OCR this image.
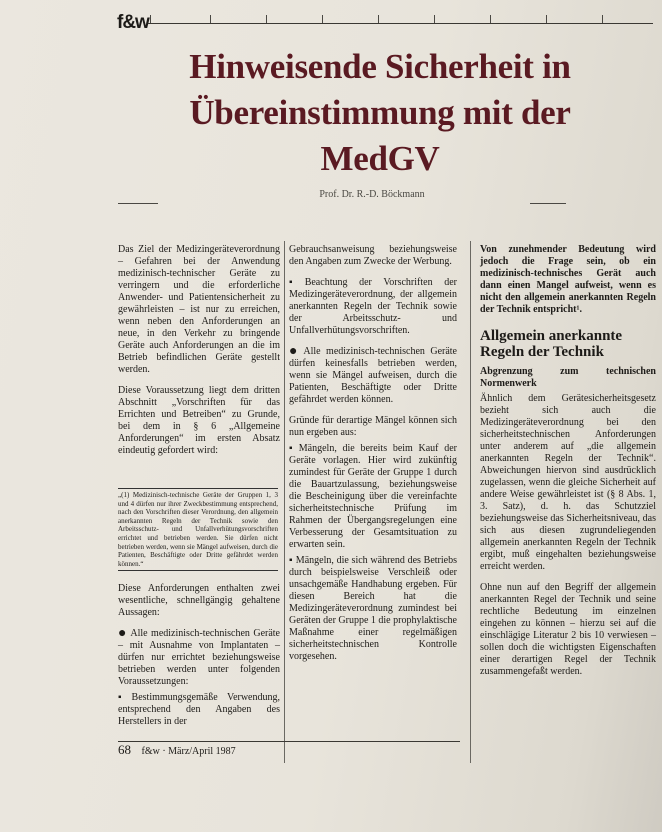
f&w
Hinweisende Sicherheit in Übereinstimmung mit der MedGV
Prof. Dr. R.-D. Böckmann

Das Ziel der Medizingeräteverordnung – Gefahren bei der Anwendung medizinisch-technischer Geräte zu verringern und die erforderliche Anwender- und Patientensicherheit zu gewährleisten – ist nur zu erreichen, wenn neben den Anforderungen an neue, in den Verkehr zu bringende Geräte auch Anforderungen an die im Betrieb befindlichen Geräte gestellt werden.

Diese Voraussetzung liegt dem dritten Abschnitt „Vorschriften für das Errichten und Betreiben“ zu Grunde, bei dem in § 6 „Allgemeine Anforderungen“ im ersten Absatz eindeutig gefordert wird:

„(1) Medizinisch-technische Geräte der Gruppen 1, 3 und 4 dürfen nur ihrer Zweckbestimmung entsprechend, nach den Vorschriften dieser Verordnung, den allgemein anerkannten Regeln der Technik sowie den Arbeitsschutz- und Unfallverhütungsvorschriften errichtet und betrieben werden. Sie dürfen nicht betrieben werden, wenn sie Mängel aufweisen, durch die Patienten, Beschäftigte oder Dritte gefährdet werden können.“

Diese Anforderungen enthalten zwei wesentliche, schnellgängig gehaltene Aussagen:

● Alle medizinisch-technischen Geräte – mit Ausnahme von Implantaten – dürfen nur errichtet beziehungsweise betrieben werden unter folgenden Voraussetzungen:

▪ Bestimmungsgemäße Verwendung, entsprechend den Angaben des Herstellers in der

Gebrauchsanweisung beziehungsweise den Angaben zum Zwecke der Werbung.

▪ Beachtung der Vorschriften der Medizingeräteverordnung, der allgemein anerkannten Regeln der Technik sowie der Arbeitsschutz- und Unfallverhütungsvorschriften.

● Alle medizinisch-technischen Geräte dürfen keinesfalls betrieben werden, wenn sie Mängel aufweisen, durch die Patienten, Beschäftigte oder Dritte gefährdet werden können.

Gründe für derartige Mängel können sich nun ergeben aus:

▪ Mängeln, die bereits beim Kauf der Geräte vorlagen. Hier wird zukünftig zumindest für Geräte der Gruppe 1 durch die Bauartzulassung, beziehungsweise die Bescheinigung über die vereinfachte sicherheitstechnische Prüfung im Rahmen der Übergangsregelungen eine Verbesserung der Gesamtsituation zu erwarten sein.

▪ Mängeln, die sich während des Betriebs durch beispielsweise Verschleiß oder unsachgemäße Handhabung ergeben. Für diesen Bereich hat die Medizingeräteverordnung zumindest bei Geräten der Gruppe 1 die prophylaktische Maßnahme einer regelmäßigen sicherheitstechnischen Kontrolle vorgesehen.

Von zunehmender Bedeutung wird jedoch die Frage sein, ob ein medizinisch-technisches Gerät auch dann einen Mangel aufweist, wenn es nicht den allgemein anerkannten Regeln der Technik entspricht¹.

Allgemein anerkannte Regeln der Technik
Abgrenzung zum technischen Normenwerk

Ähnlich dem Gerätesicherheitsgesetz bezieht sich auch die Medizingeräteverordnung bei den sicherheitstechnischen Anforderungen unter anderem auf „die allgemein anerkannten Regeln der Technik“. Abweichungen hiervon sind ausdrücklich zugelassen, wenn die gleiche Sicherheit auf andere Weise gewährleistet ist (§ 8 Abs. 1, 3. Satz), d. h. das Schutzziel beziehungsweise das Sicherheitsniveau, das sich aus diesen zugrundeliegenden allgemein anerkannten Regeln der Technik ergibt, muß eingehalten beziehungsweise erreicht werden.

Ohne nun auf den Begriff der allgemein anerkannten Regel der Technik und seine rechtliche Bedeutung im einzelnen eingehen zu können – hierzu sei auf die einschlägige Literatur 2 bis 10 verwiesen – sollen doch die wichtigsten Eigenschaften einer derartigen Regel der Technik zusammengefaßt werden.

68 f&w · März/April 1987
